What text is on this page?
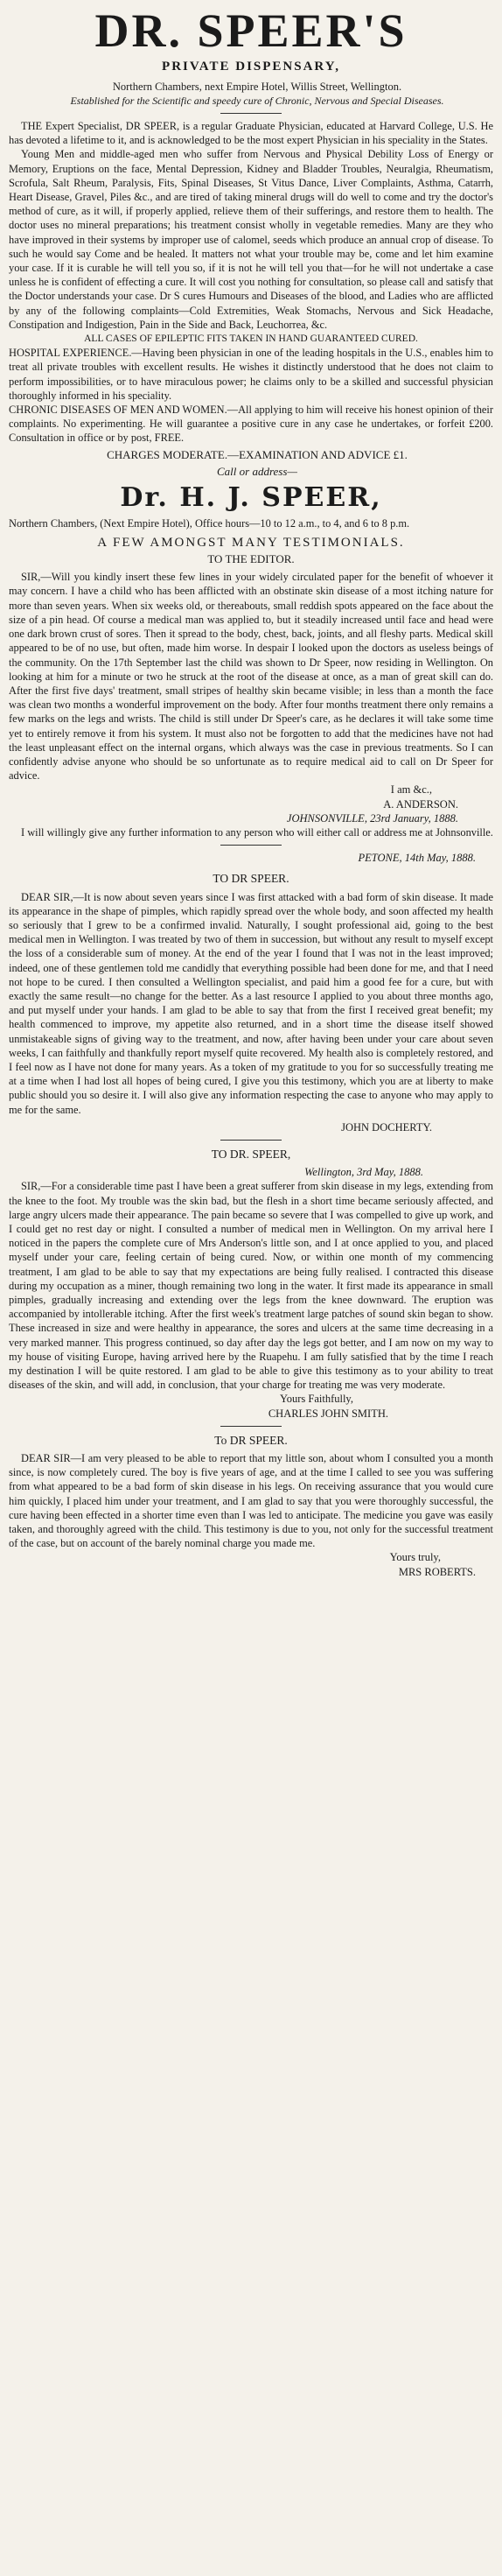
DR. SPEER'S
PRIVATE DISPENSARY,

Northern Chambers, next Empire Hotel, Willis Street, Wellington.

Established for the Scientific and speedy cure of Chronic, Nervous and Special Diseases.

THE Expert Specialist, DR SPEER, is a regular Graduate Physician, educated at Harvard College, U.S. He has devoted a lifetime to it, and is acknowledged to be the most expert Physician in his speciality in the States.

Young Men and middle-aged men who suffer from Nervous and Physical Debility Loss of Energy or Memory, Eruptions on the face, Mental Depression, Kidney and Bladder Troubles, Neuralgia, Rheumatism, Scrofula, Salt Rheum, Paralysis, Fits, Spinal Diseases, St Vitus Dance, Liver Complaints, Asthma, Catarrh, Heart Disease, Gravel, Piles &c., and are tired of taking mineral drugs will do well to come and try the doctor's method of cure, as it will, if properly applied, relieve them of their sufferings, and restore them to health. The doctor uses no mineral preparations; his treatment consist wholly in vegetable remedies. Many are they who have improved in their systems by improper use of calomel, seeds which produce an annual crop of disease. To such he would say Come and be healed. It matters not what your trouble may be, come and let him examine your case. If it is curable he will tell you so, if it is not he will tell you that—for he will not undertake a case unless he is confident of effecting a cure. It will cost you nothing for consultation, so please call and satisfy that the Doctor understands your case. Dr S cures Humours and Diseases of the blood, and Ladies who are afflicted by any of the following complaints—Cold Extremities, Weak Stomachs, Nervous and Sick Headache, Constipation and Indigestion, Pain in the Side and Back, Leuchorrea, &c.

ALL CASES OF EPILEPTIC FITS TAKEN IN HAND GUARANTEED CURED.

HOSPITAL EXPERIENCE.—Having been physician in one of the leading hospitals in the U.S., enables him to treat all private troubles with excellent results. He wishes it distinctly understood that he does not claim to perform impossibilities, or to have miraculous power; he claims only to be a skilled and successful physician thoroughly informed in his speciality.

CHRONIC DISEASES OF MEN AND WOMEN.—All applying to him will receive his honest opinion of their complaints. No experimenting. He will guarantee a positive cure in any case he undertakes, or forfeit £200. Consultation in office or by post, FREE.

CHARGES MODERATE.—EXAMINATION AND ADVICE £1.

Call or address—

Dr. H. J. SPEER,

Northern Chambers, (Next Empire Hotel), Office hours—10 to 12 a.m., to 4, and 6 to 8 p.m.

A FEW AMONGST MANY TESTIMONIALS.
TO THE EDITOR.

SIR,—Will you kindly insert these few lines in your widely circulated paper for the benefit of whoever it may concern. I have a child who has been afflicted with an obstinate skin disease of a most itching nature for more than seven years. When six weeks old, or thereabouts, small reddish spots appeared on the face about the size of a pin head. Of course a medical man was applied to, but it steadily increased until face and head were one dark brown crust of sores. Then it spread to the body, chest, back, joints, and all fleshy parts. Medical skill appeared to be of no use, but often, made him worse. In despair I looked upon the doctors as useless beings of the community. On the 17th September last the child was shown to Dr Speer, now residing in Wellington. On looking at him for a minute or two he struck at the root of the disease at once, as a man of great skill can do. After the first five days' treatment, small stripes of healthy skin became visible; in less than a month the face was clean two months a wonderful improvement on the body. After four months treatment there only remains a few marks on the legs and wrists. The child is still under Dr Speer's care, as he declares it will take some time yet to entirely remove it from his system. It must also not be forgotten to add that the medicines have not had the least unpleasant effect on the internal organs, which always was the case in previous treatments. So I can confidently advise anyone who should be so unfortunate as to require medical aid to call on Dr Speer for advice.

I am &c.,

A. ANDERSON.

JOHNSONVILLE, 23rd January, 1888.

I will willingly give any further information to any person who will either call or address me at Johnsonville.

PETONE, 14th May, 1888.

TO DR SPEER.

DEAR SIR,—It is now about seven years since I was first attacked with a bad form of skin disease. It made its appearance in the shape of pimples, which rapidly spread over the whole body, and soon affected my health so seriously that I grew to be a confirmed invalid. Naturally, I sought professional aid, going to the best medical men in Wellington. I was treated by two of them in succession, but without any result to myself except the loss of a considerable sum of money. At the end of the year I found that I was not in the least improved; indeed, one of these gentlemen told me candidly that everything possible had been done for me, and that I need not hope to be cured. I then consulted a Wellington specialist, and paid him a good fee for a cure, but with exactly the same result—no change for the better. As a last resource I applied to you about three months ago, and put myself under your hands. I am glad to be able to say that from the first I received great benefit; my health commenced to improve, my appetite also returned, and in a short time the disease itself showed unmistakeable signs of giving way to the treatment, and now, after having been under your care about seven weeks, I can faithfully and thankfully report myself quite recovered. My health also is completely restored, and I feel now as I have not done for many years. As a token of my gratitude to you for so successfully treating me at a time when I had lost all hopes of being cured, I give you this testimony, which you are at liberty to make public should you so desire it. I will also give any information respecting the case to anyone who may apply to me for the same.

JOHN DOCHERTY.

TO DR. SPEER,

Wellington, 3rd May, 1888.

SIR,—For a considerable time past I have been a great sufferer from skin disease in my legs, extending from the knee to the foot. My trouble was the skin bad, but the flesh in a short time became seriously affected, and large angry ulcers made their appearance. The pain became so severe that I was compelled to give up work, and I could get no rest day or night. I consulted a number of medical men in Wellington. On my arrival here I noticed in the papers the complete cure of Mrs Anderson's little son, and I at once applied to you, and placed myself under your care, feeling certain of being cured. Now, or within one month of my commencing treatment, I am glad to be able to say that my expectations are being fully realised. I contracted this disease during my occupation as a miner, though remaining two long in the water. It first made its appearance in small pimples, gradually increasing and extending over the legs from the knee downward. The eruption was accompanied by intollerable itching. After the first week's treatment large patches of sound skin began to show. These increased in size and were healthy in appearance, the sores and ulcers at the same time decreasing in a very marked manner. This progress continued, so day after day the legs got better, and I am now on my way to my house of visiting Europe, having arrived here by the Ruapehu. I am fully satisfied that by the time I reach my destination I will be quite restored. I am glad to be able to give this testimony as to your ability to treat diseases of the skin, and will add, in conclusion, that your charge for treating me was very moderate.

Yours Faithfully,

CHARLES JOHN SMITH.

To DR SPEER.

DEAR SIR—I am very pleased to be able to report that my little son, about whom I consulted you a month since, is now completely cured. The boy is five years of age, and at the time I called to see you was suffering from what appeared to be a bad form of skin disease in his legs. On receiving assurance that you would cure him quickly, I placed him under your treatment, and I am glad to say that you were thoroughly successful, the cure having been effected in a shorter time even than I was led to anticipate. The medicine you gave was easily taken, and thoroughly agreed with the child. This testimony is due to you, not only for the successful treatment of the case, but on account of the barely nominal charge you made me.

Yours truly,

MRS ROBERTS.
